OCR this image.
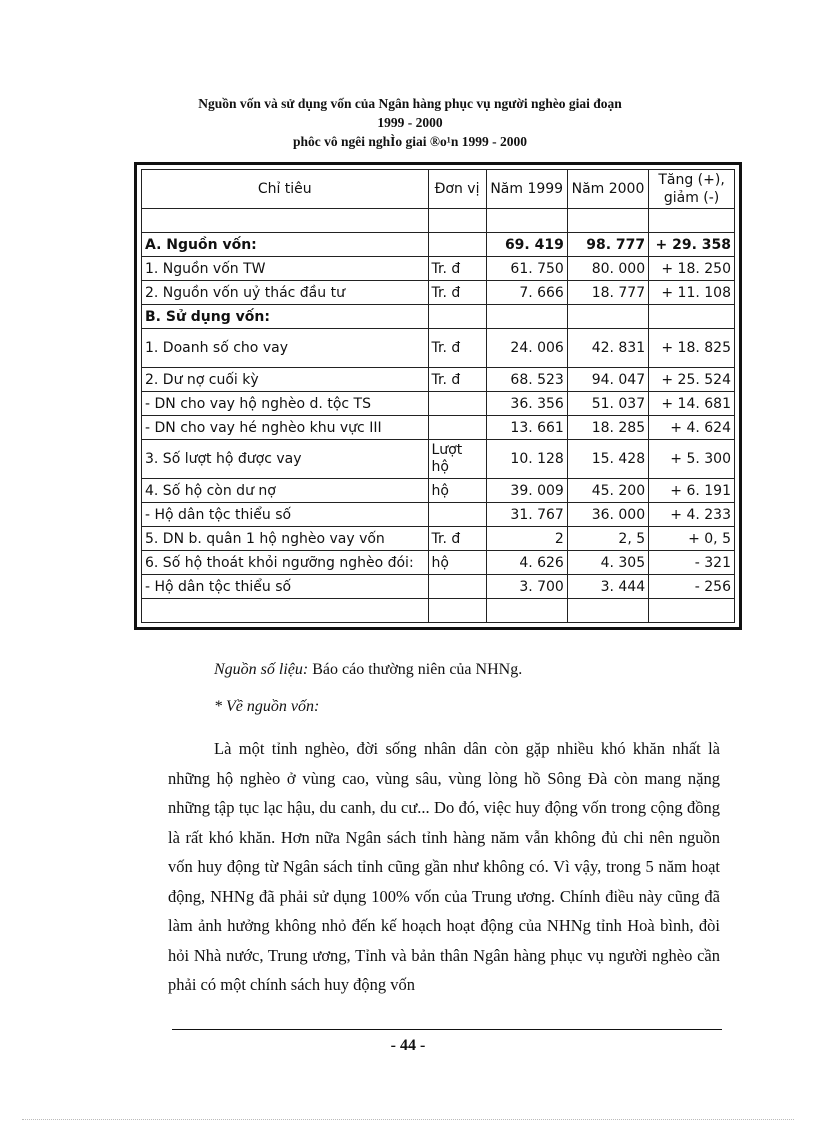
Nguồn vốn và sử dụng vốn của Ngân hàng phục vụ người nghèo giai đoạn
1999 - 2000
phôc vô ngêi nghÌo giai ®o¹n 1999 - 2000
Chỉ tiêu	Đơn vị	Năm 1999	Năm 2000	Tăng (+), giảm (-)

A. Nguồn vốn:		69. 419	98. 777	+ 29. 358
1. Nguồn vốn TW	Tr. đ	61. 750	80. 000	+ 18. 250
2. Nguồn vốn uỷ thác đầu tư	Tr. đ	7. 666	18. 777	+ 11. 108
B. Sử dụng vốn:				
1. Doanh số cho vay	Tr. đ	24. 006	42. 831	+ 18. 825
2. Dư nợ cuối kỳ	Tr. đ	68. 523	94. 047	+ 25. 524
- DN cho vay hộ nghèo d. tộc TS		36. 356	51. 037	+ 14. 681
- DN cho vay hé nghèo khu vực III		13. 661	18. 285	+ 4. 624
3. Số lượt hộ được vay	Lượt hộ	10. 128	15. 428	+ 5. 300
4. Số hộ còn dư nợ	hộ	39. 009	45. 200	+ 6. 191
- Hộ dân tộc thiểu số		31. 767	36. 000	+ 4. 233
5. DN b. quân 1 hộ nghèo vay vốn	Tr. đ	2	2, 5	+ 0, 5
6. Số hộ thoát khỏi ngưỡng nghèo đói:	hộ	4. 626	4. 305	- 321
- Hộ dân tộc thiểu số		3. 700	3. 444	- 256

Nguồn số liệu: Báo cáo thường niên của NHNg.
* Về nguồn vốn:

Là một tỉnh nghèo, đời sống nhân dân còn gặp nhiều khó khăn nhất là những hộ nghèo ở vùng cao, vùng sâu, vùng lòng hồ Sông Đà còn mang nặng những tập tục lạc hậu, du canh, du cư... Do đó, việc huy động vốn trong cộng đồng là rất khó khăn. Hơn nữa Ngân sách tỉnh hàng năm vẫn không đủ chi nên nguồn vốn huy động từ Ngân sách tỉnh cũng gần như không có. Vì vậy, trong 5 năm hoạt động, NHNg đã phải sử dụng 100% vốn của Trung ương. Chính điều này cũng đã làm ảnh hưởng không nhỏ đến kế hoạch hoạt động của NHNg tỉnh Hoà bình, đòi hỏi Nhà nước, Trung ương, Tỉnh và bản thân Ngân hàng phục vụ người nghèo cần phải có một chính sách huy động vốn

- 44 -
